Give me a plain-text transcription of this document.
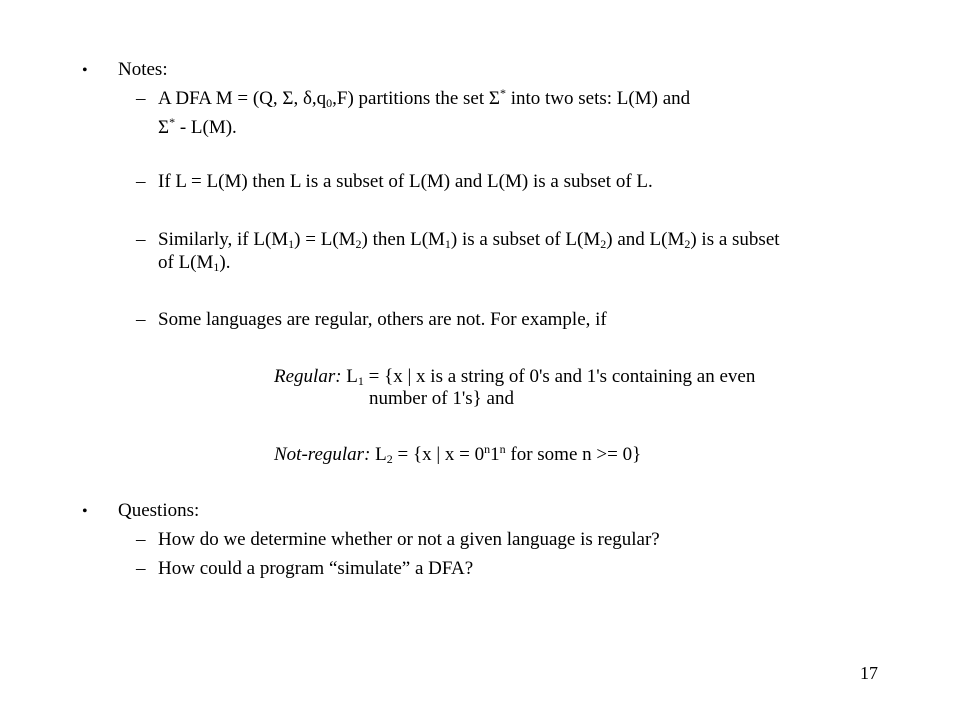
• Notes:
– A DFA M = (Q, Σ, $\delta,q_0,F$) partitions the set Σ* into two sets: L(M) and
Σ* - L(M).
– If L = L(M) then L is a subset of L(M) and L(M) is a subset of L.
– Similarly, if $L(M_1) = L(M_2)$ then $L(M_1)$ is a subset of $L(M_2)$ and $L(M_2)$ is a subset
of $L(M_1)$.
– Some languages are regular, others are not. For example, if
Regular: $L_1 = \{x$ | x is a string of 0's and 1's containing an even
number of 1's} and
Not-regular: $L_2 = \{x$ | $x = 0^n1^n$ for some n >= 0}
• Questions:
– How do we determine whether or not a given language is regular?
– How could a program “simulate” a DFA?
17
